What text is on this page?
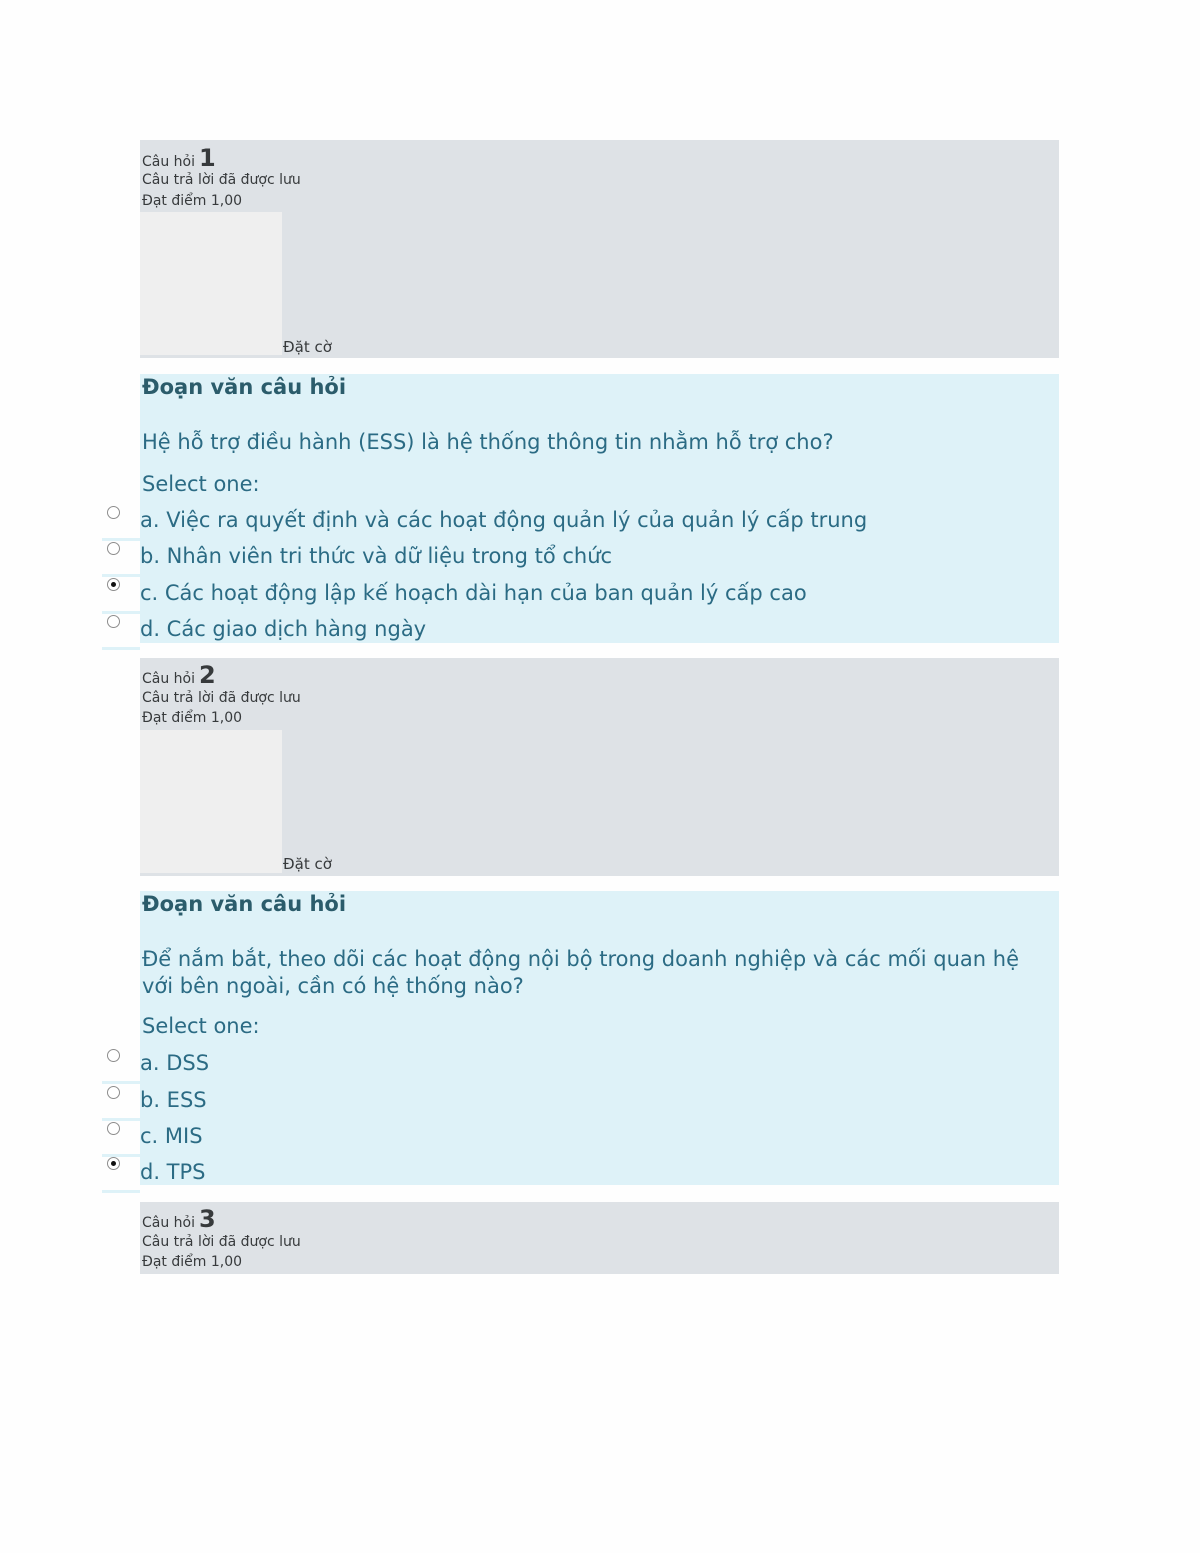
Câu hỏi 1
Câu trả lời đã được lưu
Đạt điểm 1,00
Đặt cờ
Đoạn văn câu hỏi
Hệ hỗ trợ điều hành (ESS) là hệ thống thông tin nhằm hỗ trợ cho?
Select one:
a. Việc ra quyết định và các hoạt động quản lý của quản lý cấp trung
b. Nhân viên tri thức và dữ liệu trong tổ chức
c. Các hoạt động lập kế hoạch dài hạn của ban quản lý cấp cao
d. Các giao dịch hàng ngày
Câu hỏi 2
Câu trả lời đã được lưu
Đạt điểm 1,00
Đặt cờ
Đoạn văn câu hỏi
Để nắm bắt, theo dõi các hoạt động nội bộ trong doanh nghiệp và các mối quan hệ với bên ngoài, cần có hệ thống nào?
Select one:
a. DSS
b. ESS
c. MIS
d. TPS
Câu hỏi 3
Câu trả lời đã được lưu
Đạt điểm 1,00
